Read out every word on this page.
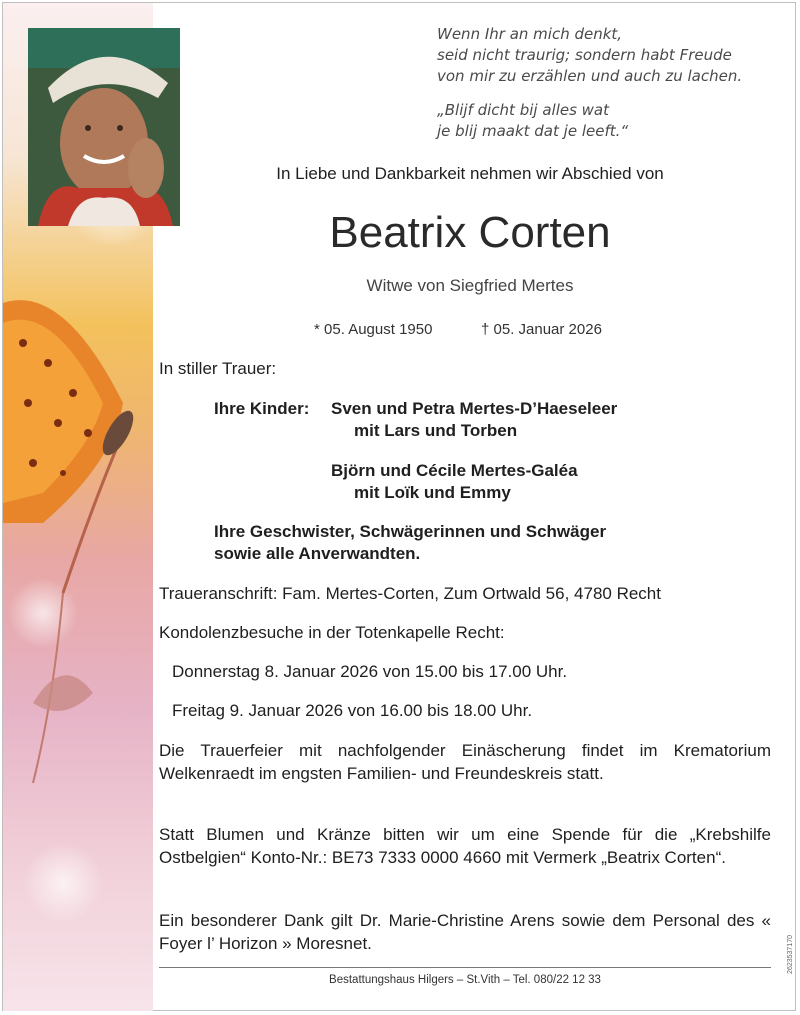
Wenn Ihr an mich denkt,
seid nicht traurig; sondern habt Freude
von mir zu erzählen und auch zu lachen.
„Blijf dicht bij alles wat
je blij maakt dat je leeft.“
In Liebe und Dankbarkeit nehmen wir Abschied von
Beatrix Corten
Witwe von Siegfried Mertes
* 05. August 1950	† 05. Januar 2026
In stiller Trauer:
Ihre Kinder: Sven und Petra Mertes-D’Haeseleer
mit Lars und Torben
Björn und Cécile Mertes-Galéa
mit Loïk und Emmy
Ihre Geschwister, Schwägerinnen und Schwäger
sowie alle Anverwandten.
Traueranschrift: Fam. Mertes-Corten, Zum Ortwald 56, 4780 Recht
Kondolenzbesuche in der Totenkapelle Recht:
Donnerstag 8. Januar 2026 von 15.00 bis 17.00 Uhr.
Freitag 9. Januar 2026 von 16.00 bis 18.00 Uhr.
Die Trauerfeier mit nachfolgender Einäscherung findet im Krematorium Welkenraedt im engsten Familien- und Freundeskreis statt.
Statt Blumen und Kränze bitten wir um eine Spende für die „Krebshilfe Ostbelgien“ Konto-Nr.: BE73 7333 0000 4660 mit Vermerk „Beatrix Corten“.
Ein besonderer Dank gilt Dr. Marie-Christine Arens sowie dem Personal des « Foyer l’ Horizon » Moresnet.
Bestattungshaus Hilgers – St.Vith – Tel. 080/22 12 33
2623537170
